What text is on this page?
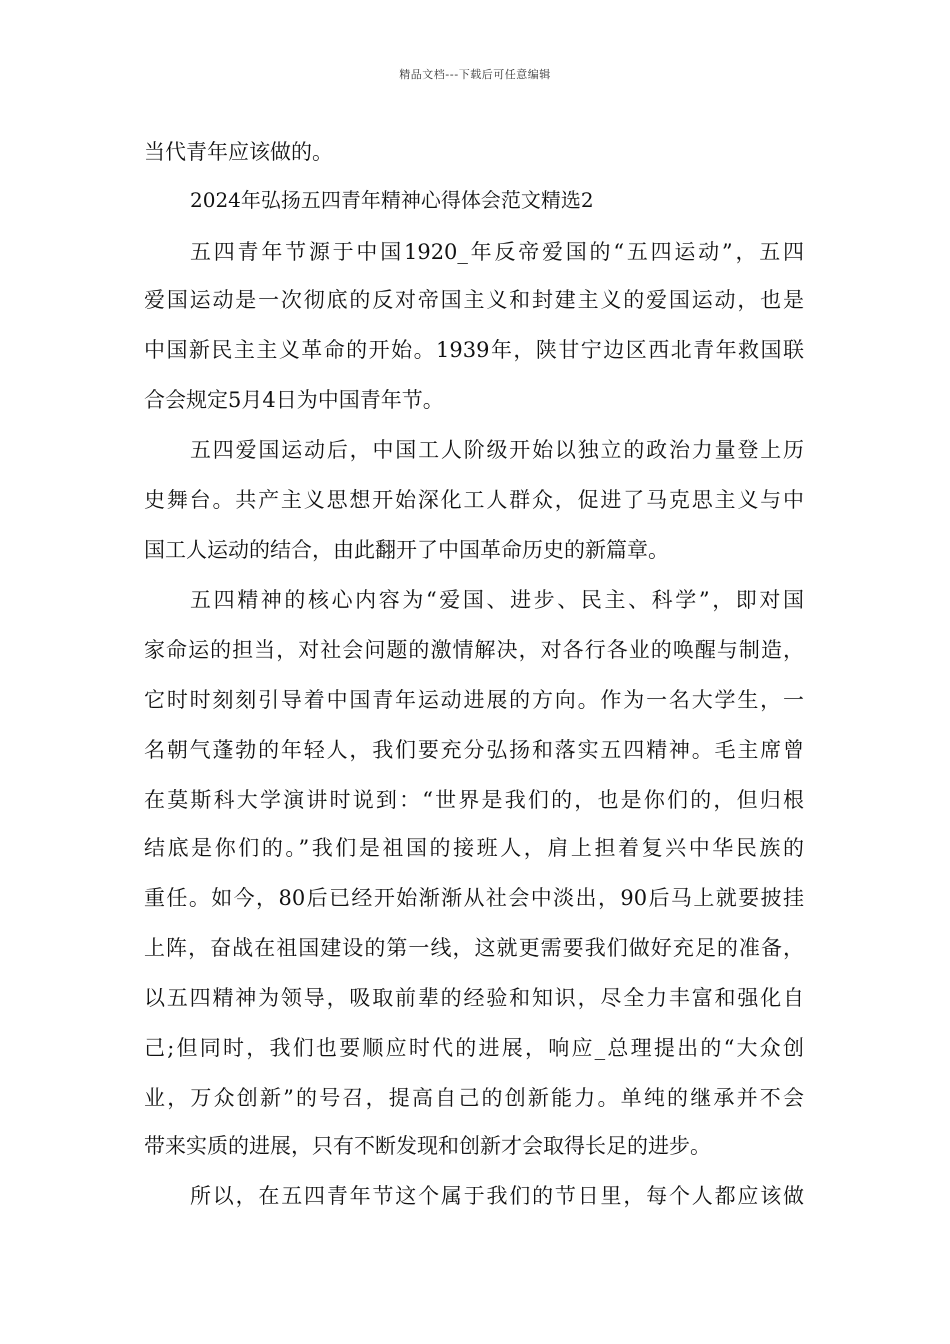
精品文档---下载后可任意编辑
当代青年应该做的。
2024年弘扬五四青年精神心得体会范文精选2
五四青年节源于中国1920_年反帝爱国的“五四运动”，五四
爱国运动是一次彻底的反对帝国主义和封建主义的爱国运动，也是
中国新民主主义革命的开始。1939年，陕甘宁边区西北青年救国联
合会规定5月4日为中国青年节。
五四爱国运动后，中国工人阶级开始以独立的政治力量登上历
史舞台。共产主义思想开始深化工人群众，促进了马克思主义与中
国工人运动的结合，由此翻开了中国革命历史的新篇章。
五四精神的核心内容为“爱国、进步、民主、科学”，即对国
家命运的担当，对社会问题的激情解决，对各行各业的唤醒与制造，
它时时刻刻引导着中国青年运动进展的方向。作为一名大学生，一
名朝气蓬勃的年轻人，我们要充分弘扬和落实五四精神。毛主席曾
在莫斯科大学演讲时说到：“世界是我们的，也是你们的，但归根
结底是你们的。”我们是祖国的接班人，肩上担着复兴中华民族的
重任。如今，80后已经开始渐渐从社会中淡出，90后马上就要披挂
上阵，奋战在祖国建设的第一线，这就更需要我们做好充足的准备，
以五四精神为领导，吸取前辈的经验和知识，尽全力丰富和强化自
己;但同时，我们也要顺应时代的进展，响应_总理提出的“大众创
业，万众创新”的号召，提高自己的创新能力。单纯的继承并不会
带来实质的进展，只有不断发现和创新才会取得长足的进步。
所以，在五四青年节这个属于我们的节日里，每个人都应该做
